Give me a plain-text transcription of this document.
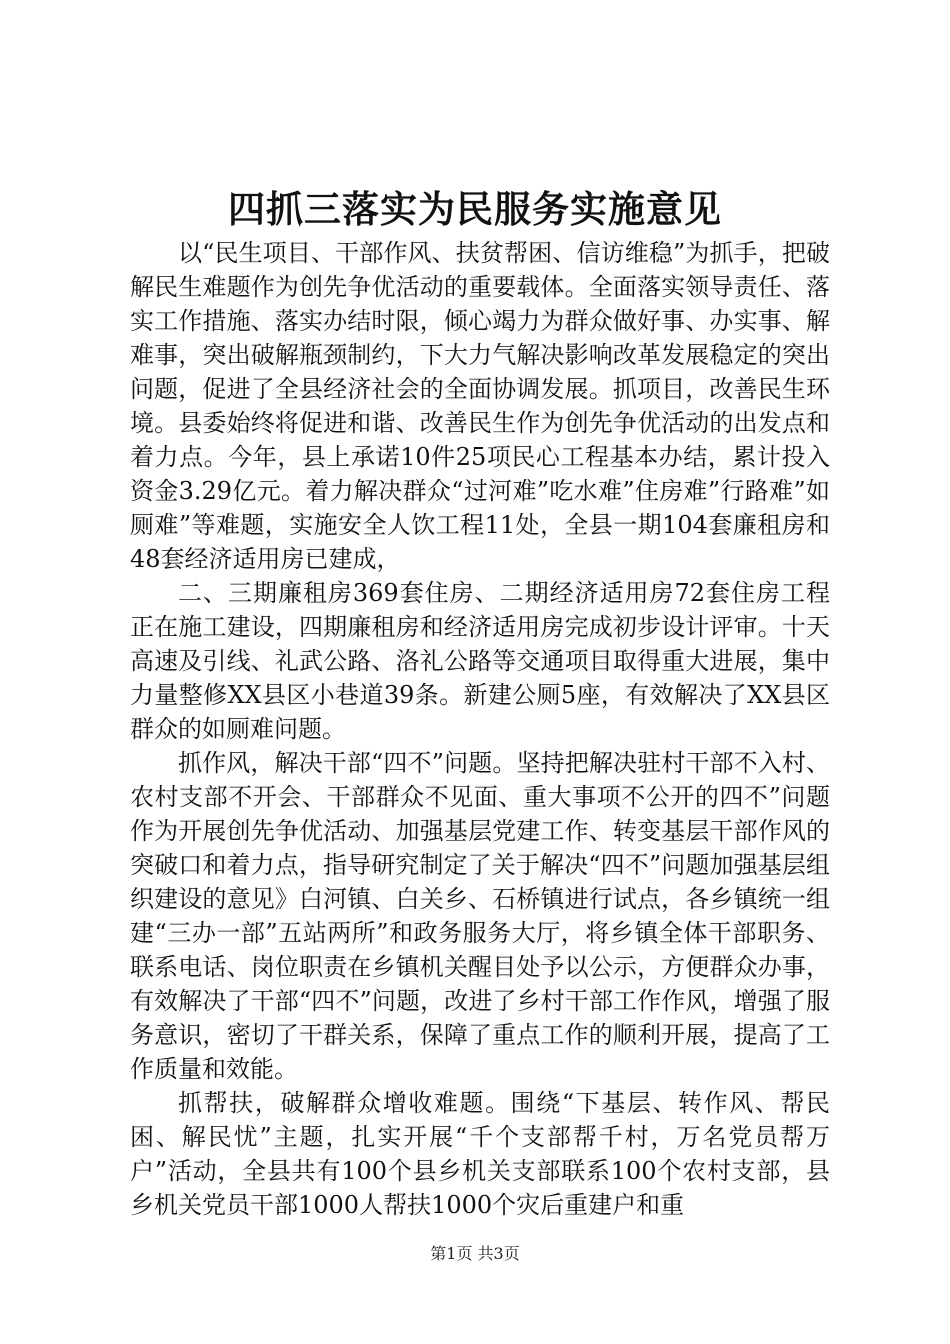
四抓三落实为民服务实施意见

以“民生项目、干部作风、扶贫帮困、信访维稳”为抓手，把破解民生难题作为创先争优活动的重要载体。全面落实领导责任、落实工作措施、落实办结时限，倾心竭力为群众做好事、办实事、解难事，突出破解瓶颈制约，下大力气解决影响改革发展稳定的突出问题，促进了全县经济社会的全面协调发展。抓项目，改善民生环境。县委始终将促进和谐、改善民生作为创先争优活动的出发点和着力点。今年，县上承诺10件25项民心工程基本办结，累计投入资金3.29亿元。着力解决群众“过河难”吃水难”住房难”行路难”如厕难”等难题，实施安全人饮工程11处，全县一期104套廉租房和48套经济适用房已建成，

二、三期廉租房369套住房、二期经济适用房72套住房工程正在施工建设，四期廉租房和经济适用房完成初步设计评审。十天高速及引线、礼武公路、洛礼公路等交通项目取得重大进展，集中力量整修XX县区小巷道39条。新建公厕5座，有效解决了XX县区群众的如厕难问题。

抓作风，解决干部“四不”问题。坚持把解决驻村干部不入村、农村支部不开会、干部群众不见面、重大事项不公开的四不”问题作为开展创先争优活动、加强基层党建工作、转变基层干部作风的突破口和着力点，指导研究制定了关于解决“四不”问题加强基层组织建设的意见》白河镇、白关乡、石桥镇进行试点，各乡镇统一组建“三办一部”五站两所”和政务服务大厅，将乡镇全体干部职务、联系电话、岗位职责在乡镇机关醒目处予以公示，方便群众办事，有效解决了干部“四不”问题，改进了乡村干部工作作风，增强了服务意识，密切了干群关系，保障了重点工作的顺利开展，提高了工作质量和效能。

抓帮扶，破解群众增收难题。围绕“下基层、转作风、帮民困、解民忧”主题，扎实开展“千个支部帮千村，万名党员帮万户”活动，全县共有100个县乡机关支部联系100个农村支部，县乡机关党员干部1000人帮扶1000个灾后重建户和重

第1页 共3页
